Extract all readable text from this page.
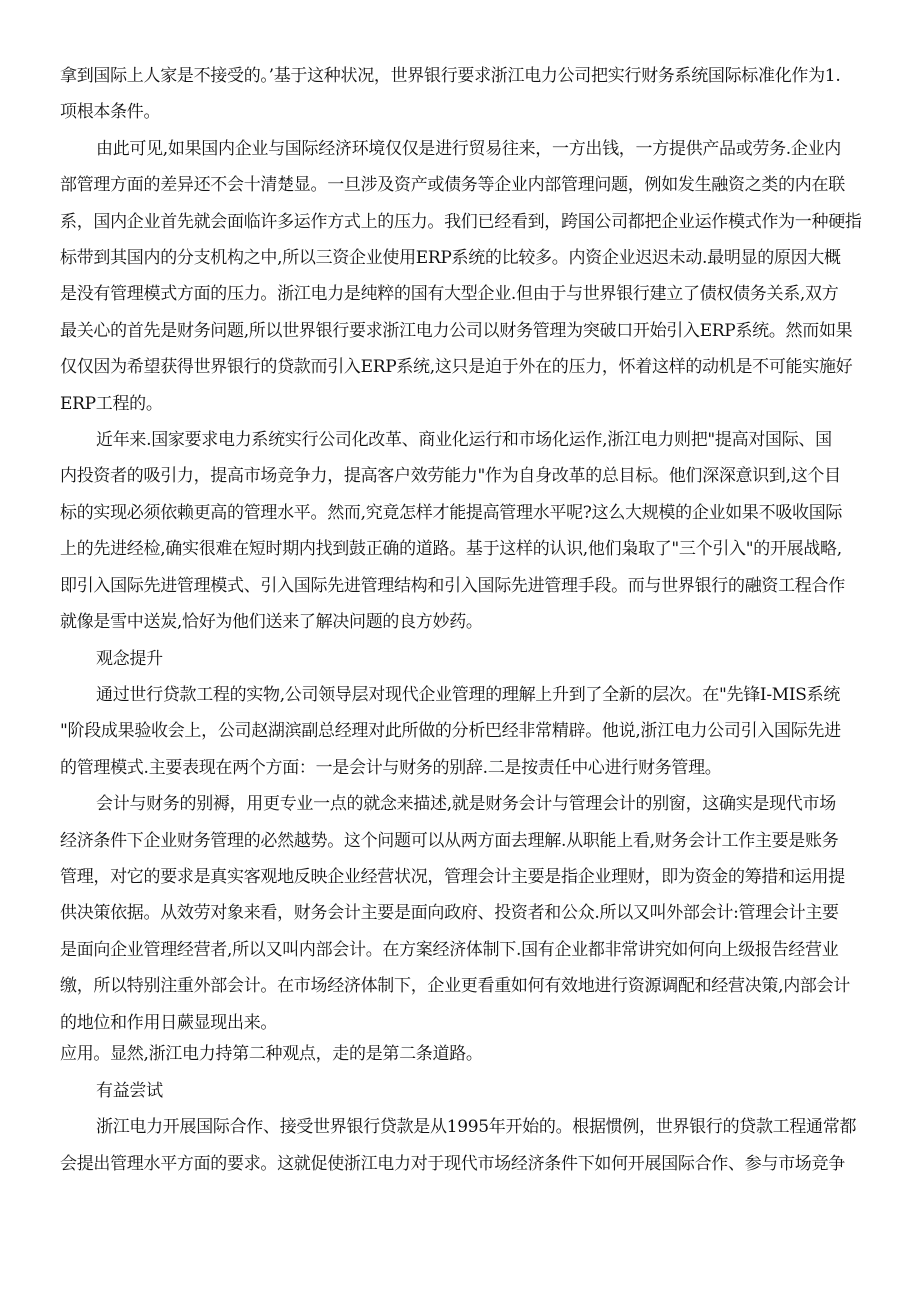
拿到国际上人家是不接受的。’基于这种状况，世界银行要求浙江电力公司把实行财务系统国际标准化作为1.
项根本条件。
由此可见,如果国内企业与国际经济环境仅仅是进行贸易往来，一方出钱，一方提供产品或劳务.企业内
部管理方面的差异还不会十清楚显。一旦涉及资产或债务等企业内部管理问题，例如发生融资之类的内在联
系，国内企业首先就会面临许多运作方式上的压力。我们已经看到，跨国公司都把企业运作模式作为一种硬指
标带到其国内的分支机构之中,所以三资企业使用ERP系统的比较多。内资企业迟迟未动.最明显的原因大概
是没有管理模式方面的压力。浙江电力是纯粹的国有大型企业.但由于与世界银行建立了债权债务关系,双方
最关心的首先是财务问题,所以世界银行要求浙江电力公司以财务管理为突破口开始引入ERP系统。然而如果
仅仅因为希望获得世界银行的贷款而引入ERP系统,这只是迫于外在的压力，怀着这样的动机是不可能实施好
ERP工程的。
近年来.国家要求电力系统实行公司化改革、商业化运行和市场化运作,浙江电力则把"提高对国际、国
内投资者的吸引力，提高市场竞争力，提高客户效劳能力"作为自身改革的总目标。他们深深意识到,这个目
标的实现必须依赖更高的管理水平。然而,究竟怎样才能提高管理水平呢?这么大规模的企业如果不吸收国际
上的先进经检,确实很难在短时期内找到鼓正确的道路。基于这样的认识,他们枭取了"三个引入"的开展战略,
即引入国际先进管理模式、引入国际先进管理结构和引入国际先进管理手段。而与世界银行的融资工程合作
就像是雪中送炭,恰好为他们送来了解决问题的良方妙药。
观念提升
通过世行贷款工程的实物,公司领导层对现代企业管理的理解上升到了全新的层次。在"先锋I-MIS系统
"阶段成果验收会上，公司赵湖滨副总经理对此所做的分析巴经非常精辟。他说,浙江电力公司引入国际先进
的管理模式.主要表现在两个方面：一是会计与财务的别辞.二是按责任中心进行财务管理。
会计与财务的别褥，用更专业一点的就念来描述,就是财务会计与管理会计的别窗，这确实是现代市场
经济条件下企业财务管理的必然越势。这个问题可以从两方面去理解.从职能上看,财务会计工作主要是账务
管理，对它的要求是真实客观地反映企业经营状况，管理会计主要是指企业理财，即为资金的筹措和运用提
供决策依据。从效劳对象来看，财务会计主要是面向政府、投资者和公众.所以又叫外部会计:管理会计主要
是面向企业管理经营者,所以又叫内部会计。在方案经济体制下.国有企业都非常讲究如何向上级报告经营业
缴，所以特别注重外部会计。在市场经济体制下，企业更看重如何有效地进行资源调配和经营决策,内部会计
的地位和作用日蕨显现出来。
应用。显然,浙江电力持第二种观点，走的是第二条道路。
有益尝试
浙江电力开展国际合作、接受世界银行贷款是从1995年开始的。根据惯例，世界银行的贷款工程通常都
会提出管理水平方面的要求。这就促使浙江电力对于现代市场经济条件下如何开展国际合作、参与市场竞争
